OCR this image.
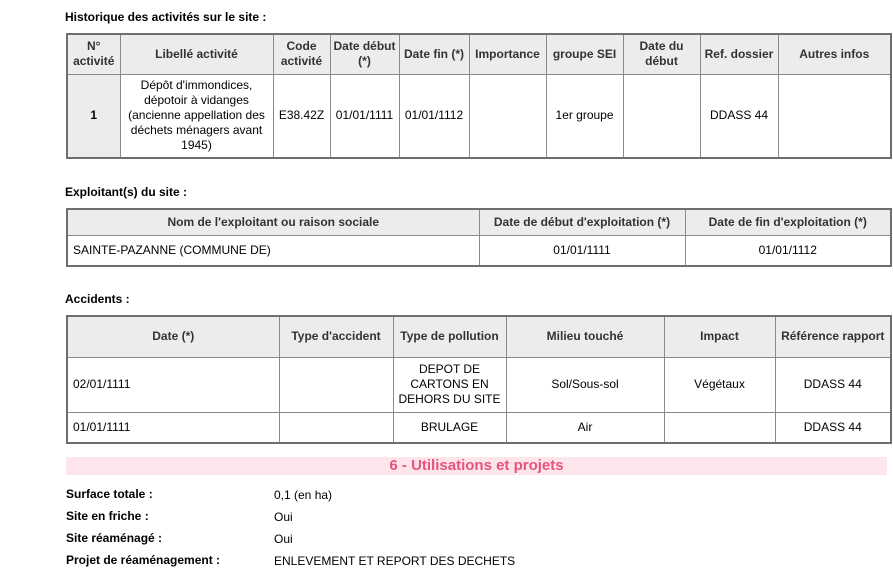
Historique des activités sur le site :
N° activité	Libellé activité	Code activité	Date début (*)	Date fin (*)	Importance	groupe SEI	Date du début	Ref. dossier	Autres infos
1	Dépôt d'immondices, dépotoir à vidanges (ancienne appellation des déchets ménagers avant 1945)	E38.42Z	01/01/1111	01/01/1112		1er groupe		DDASS 44	
Exploitant(s) du site :
Nom de l'exploitant ou raison sociale	Date de début d'exploitation (*)	Date de fin d'exploitation (*)
SAINTE-PAZANNE (COMMUNE DE)	01/01/1111	01/01/1112
Accidents :
Date (*)	Type d'accident	Type de pollution	Milieu touché	Impact	Référence rapport
02/01/1111		DEPOT DE CARTONS EN DEHORS DU SITE	Sol/Sous-sol	Végétaux	DDASS 44
01/01/1111		BRULAGE	Air		DDASS 44
6 - Utilisations et projets
Surface totale :	0,1 (en ha)
Site en friche :	Oui
Site réaménagé :	Oui
Projet de réaménagement :	ENLEVEMENT ET REPORT DES DECHETS
